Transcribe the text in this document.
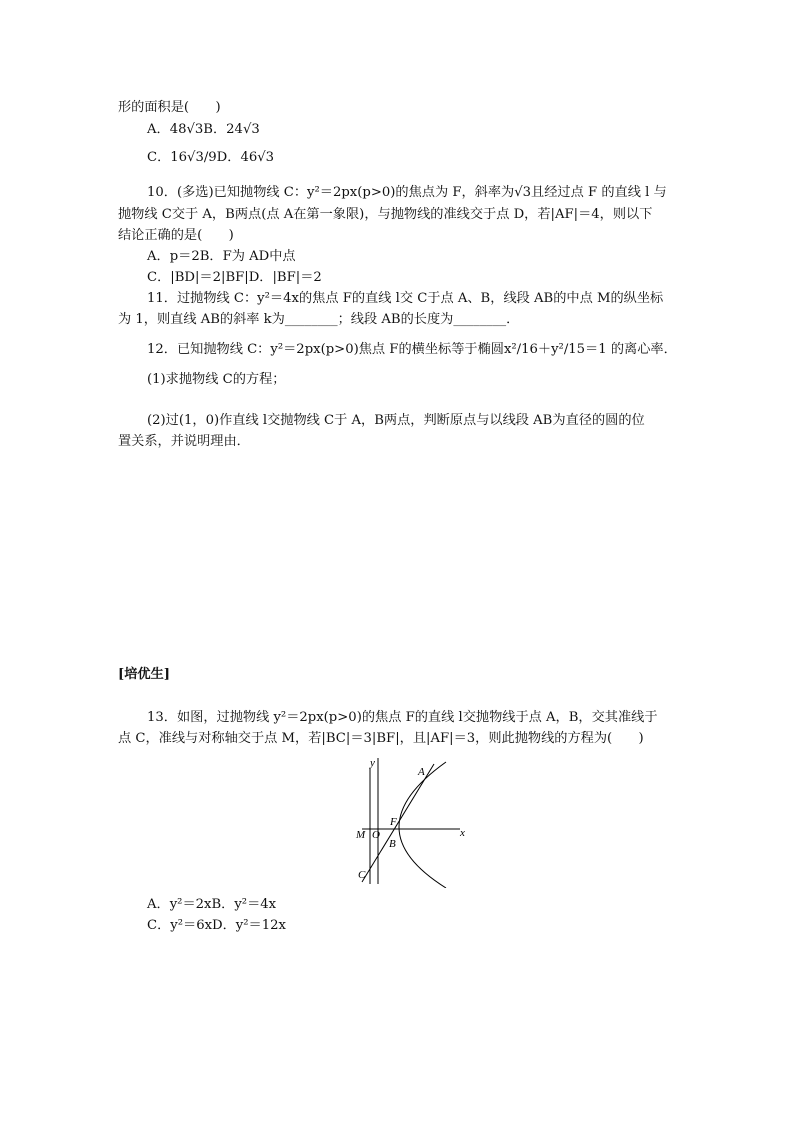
形的面积是(　　)
A．48√3B．24√3
C．16√3/9D．46√3
10．(多选)已知抛物线 C：y²＝2px(p>0)的焦点为 F，斜率为√3且经过点 F 的直线 l 与
抛物线 C交于 A，B两点(点 A在第一象限)，与抛物线的准线交于点 D，若|AF|＝4，则以下
结论正确的是(　　)
A．p＝2B．F为 AD中点
C．|BD|＝2|BF|D．|BF|＝2
11．过抛物线 C：y²＝4x的焦点 F的直线 l交 C于点 A、B，线段 AB的中点 M的纵坐标
为 1，则直线 AB的斜率 k为________；线段 AB的长度为________．
12．已知抛物线 C：y²＝2px(p>0)焦点 F的横坐标等于椭圆x²/16＋y²/15＝1 的离心率．
(1)求抛物线 C的方程；
(2)过(1，0)作直线 l交抛物线 C于 A，B两点，判断原点与以线段 AB为直径的圆的位
置关系，并说明理由．
[培优生]
13．如图，过抛物线 y²＝2px(p>0)的焦点 F的直线 l交抛物线于点 A，B，交其准线于
点 C，准线与对称轴交于点 M，若|BC|＝3|BF|，且|AF|＝3，则此抛物线的方程为(　　)
y
x
A
F
M O
B
C
A．y²＝2xB．y²＝4x
C．y²＝6xD．y²＝12x
